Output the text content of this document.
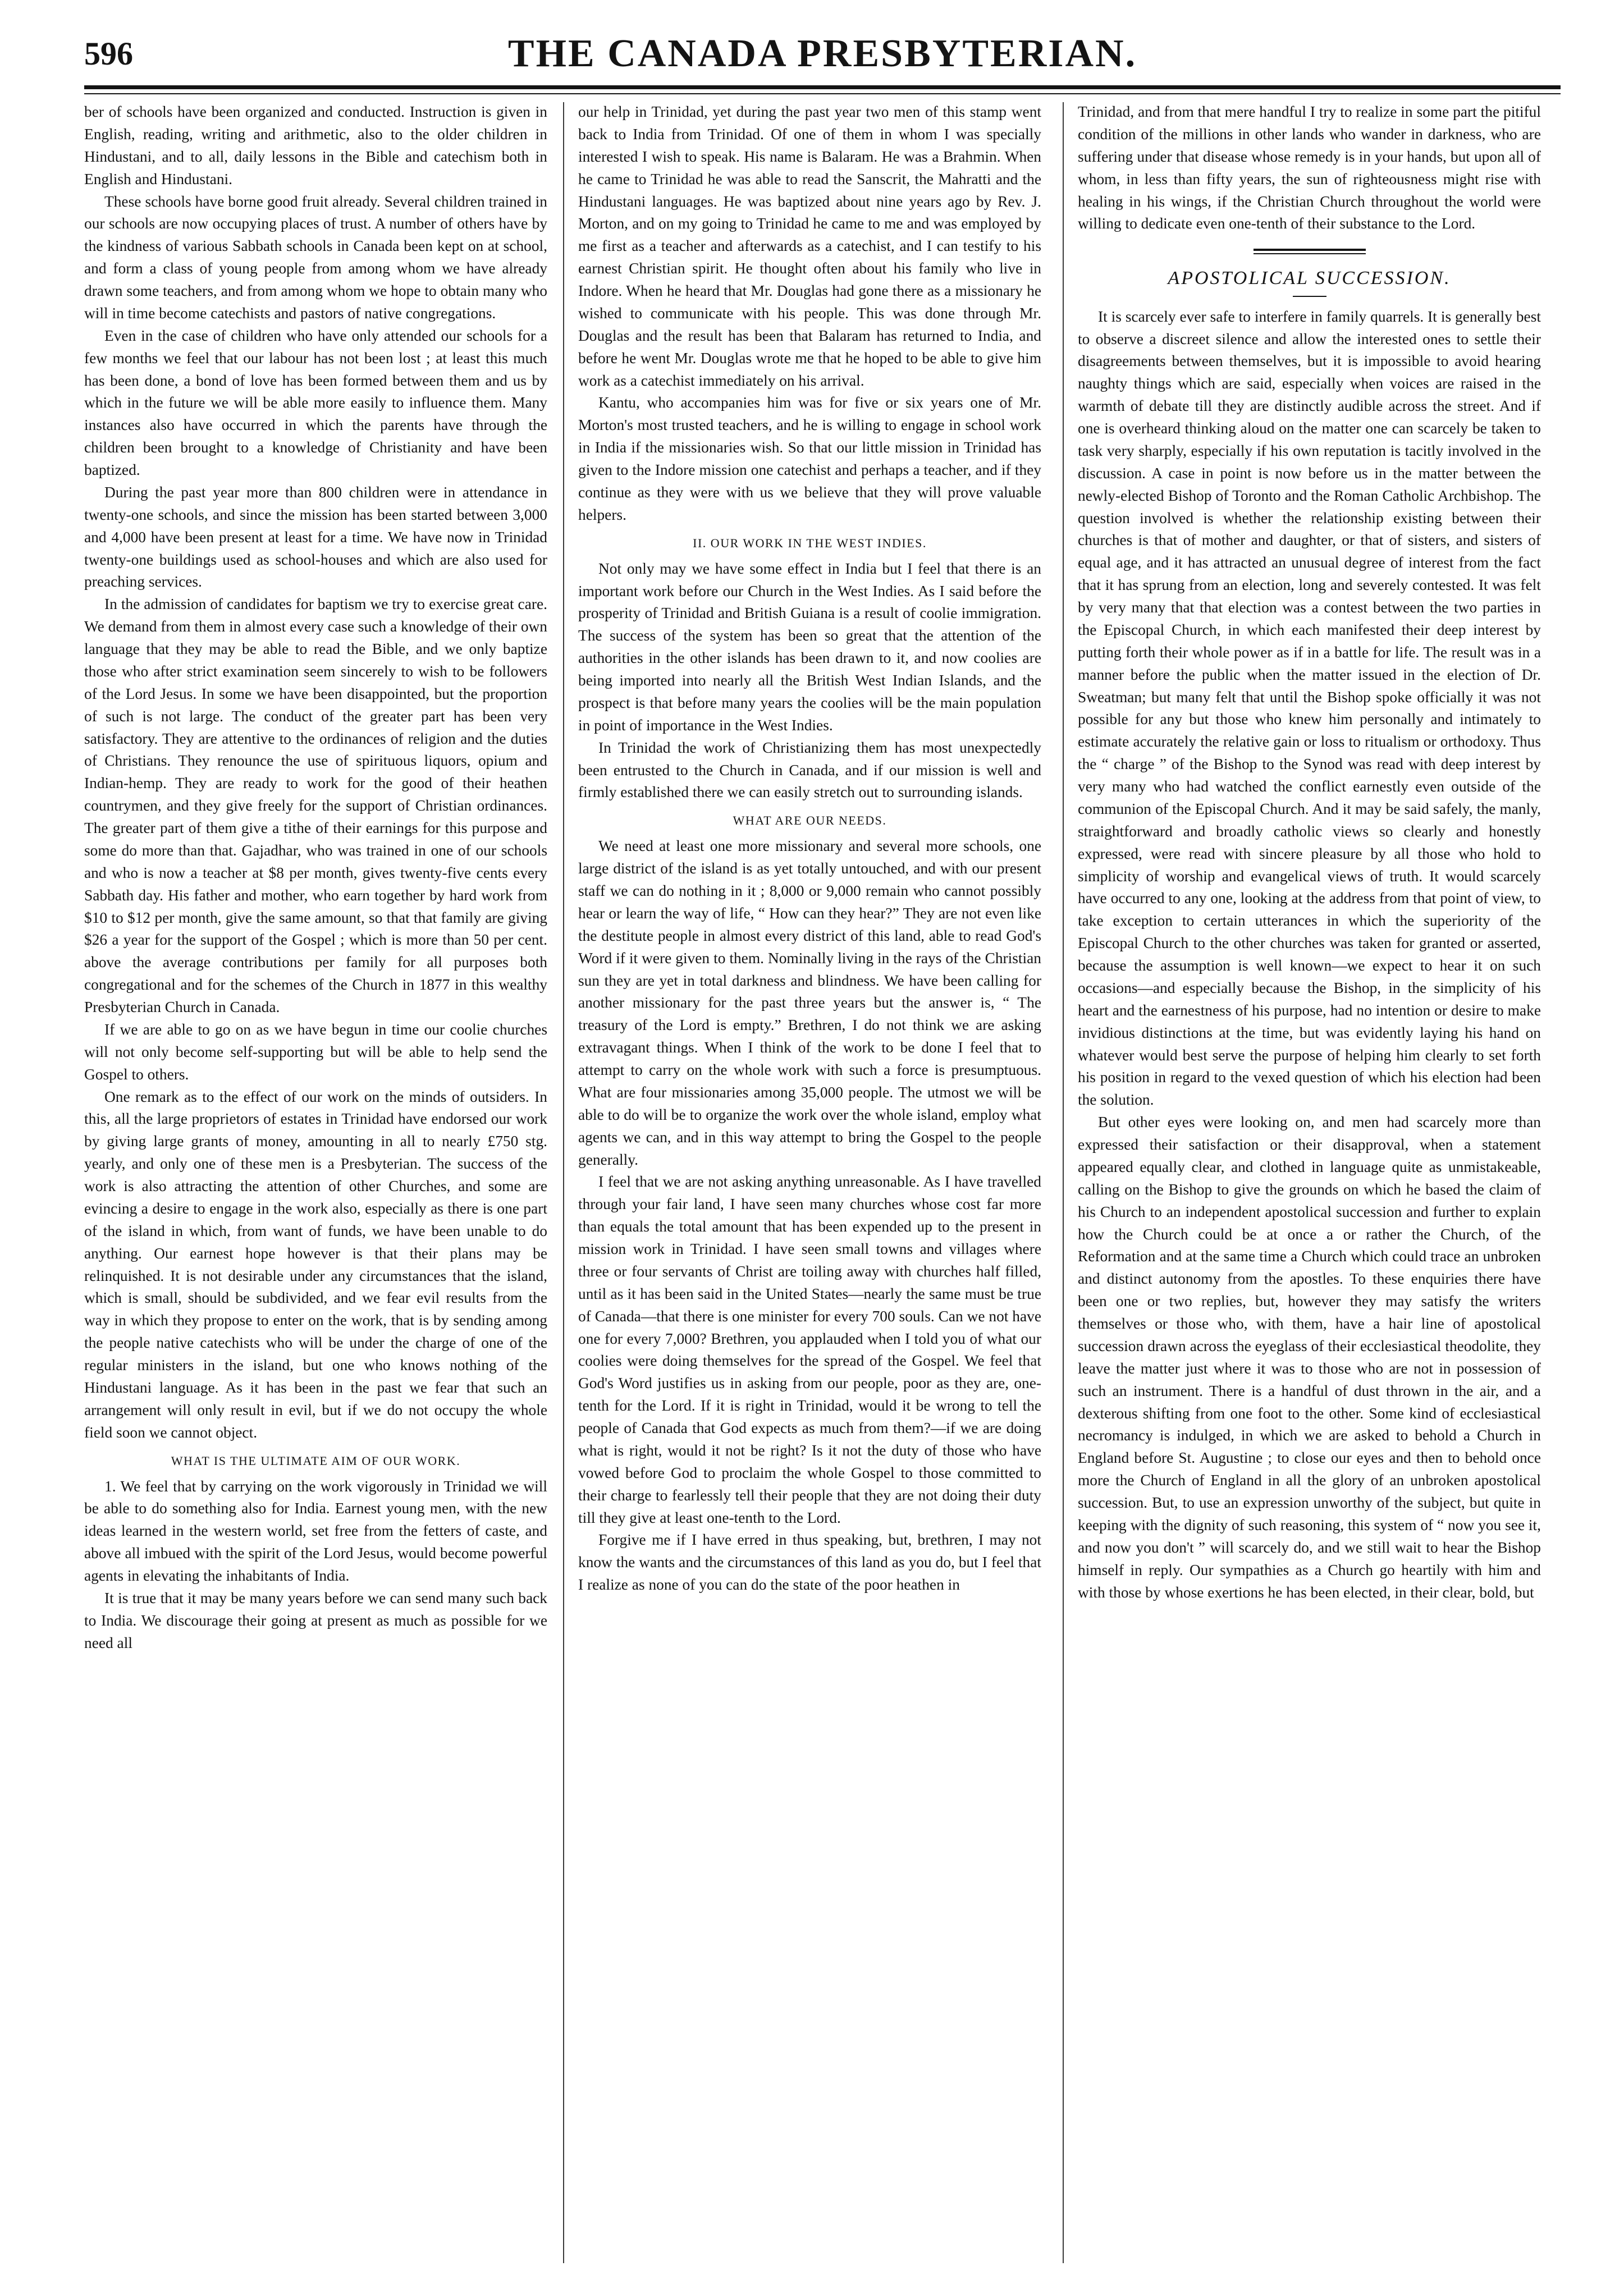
596	THE CANADA PRESBYTERIAN.

ber of schools have been organized and conducted. Instruction is given in English, reading, writing and arithmetic, also to the older children in Hindustani, and to all, daily lessons in the Bible and catechism both in English and Hindustani.

These schools have borne good fruit already. Several children trained in our schools are now occupying places of trust. A number of others have by the kindness of various Sabbath schools in Canada been kept on at school, and form a class of young people from among whom we have already drawn some teachers, and from among whom we hope to obtain many who will in time become catechists and pastors of native congregations.

Even in the case of children who have only attended our schools for a few months we feel that our labour has not been lost ; at least this much has been done, a bond of love has been formed between them and us by which in the future we will be able more easily to influence them. Many instances also have occurred in which the parents have through the children been brought to a knowledge of Christianity and have been baptized.

During the past year more than 800 children were in attendance in twenty-one schools, and since the mission has been started between 3,000 and 4,000 have been present at least for a time. We have now in Trinidad twenty-one buildings used as school-houses and which are also used for preaching services.

In the admission of candidates for baptism we try to exercise great care. We demand from them in almost every case such a knowledge of their own language that they may be able to read the Bible, and we only baptize those who after strict examination seem sincerely to wish to be followers of the Lord Jesus. In some we have been disappointed, but the proportion of such is not large. The conduct of the greater part has been very satisfactory. They are attentive to the ordinances of religion and the duties of Christians. They renounce the use of spirituous liquors, opium and Indian-hemp. They are ready to work for the good of their heathen countrymen, and they give freely for the support of Christian ordinances. The greater part of them give a tithe of their earnings for this purpose and some do more than that. Gajadhar, who was trained in one of our schools and who is now a teacher at $8 per month, gives twenty-five cents every Sabbath day. His father and mother, who earn together by hard work from $10 to $12 per month, give the same amount, so that that family are giving $26 a year for the support of the Gospel ; which is more than 50 per cent. above the average contributions per family for all purposes both congregational and for the schemes of the Church in 1877 in this wealthy Presbyterian Church in Canada.

If we are able to go on as we have begun in time our coolie churches will not only become self-supporting but will be able to help send the Gospel to others.

One remark as to the effect of our work on the minds of outsiders. In this, all the large proprietors of estates in Trinidad have endorsed our work by giving large grants of money, amounting in all to nearly £750 stg. yearly, and only one of these men is a Presbyterian. The success of the work is also attracting the attention of other Churches, and some are evincing a desire to engage in the work also, especially as there is one part of the island in which, from want of funds, we have been unable to do anything. Our earnest hope however is that their plans may be relinquished. It is not desirable under any circumstances that the island, which is small, should be subdivided, and we fear evil results from the way in which they propose to enter on the work, that is by sending among the people native catechists who will be under the charge of one of the regular ministers in the island, but one who knows nothing of the Hindustani language. As it has been in the past we fear that such an arrangement will only result in evil, but if we do not occupy the whole field soon we cannot object.

WHAT IS THE ULTIMATE AIM OF OUR WORK.

1. We feel that by carrying on the work vigorously in Trinidad we will be able to do something also for India. Earnest young men, with the new ideas learned in the western world, set free from the fetters of caste, and above all imbued with the spirit of the Lord Jesus, would become powerful agents in elevating the inhabitants of India.

It is true that it may be many years before we can send many such back to India. We discourage their going at present as much as possible for we need all

our help in Trinidad, yet during the past year two men of this stamp went back to India from Trinidad. Of one of them in whom I was specially interested I wish to speak. His name is Balaram. He was a Brahmin. When he came to Trinidad he was able to read the Sanscrit, the Mahratti and the Hindustani languages. He was baptized about nine years ago by Rev. J. Morton, and on my going to Trinidad he came to me and was employed by me first as a teacher and afterwards as a catechist, and I can testify to his earnest Christian spirit. He thought often about his family who live in Indore. When he heard that Mr. Douglas had gone there as a missionary he wished to communicate with his people. This was done through Mr. Douglas and the result has been that Balaram has returned to India, and before he went Mr. Douglas wrote me that he hoped to be able to give him work as a catechist immediately on his arrival.

Kantu, who accompanies him was for five or six years one of Mr. Morton's most trusted teachers, and he is willing to engage in school work in India if the missionaries wish. So that our little mission in Trinidad has given to the Indore mission one catechist and perhaps a teacher, and if they continue as they were with us we believe that they will prove valuable helpers.

II. OUR WORK IN THE WEST INDIES.

Not only may we have some effect in India but I feel that there is an important work before our Church in the West Indies. As I said before the prosperity of Trinidad and British Guiana is a result of coolie immigration. The success of the system has been so great that the attention of the authorities in the other islands has been drawn to it, and now coolies are being imported into nearly all the British West Indian Islands, and the prospect is that before many years the coolies will be the main population in point of importance in the West Indies.

In Trinidad the work of Christianizing them has most unexpectedly been entrusted to the Church in Canada, and if our mission is well and firmly established there we can easily stretch out to surrounding islands.

WHAT ARE OUR NEEDS.

We need at least one more missionary and several more schools, one large district of the island is as yet totally untouched, and with our present staff we can do nothing in it ; 8,000 or 9,000 remain who cannot possibly hear or learn the way of life, “ How can they hear?” They are not even like the destitute people in almost every district of this land, able to read God's Word if it were given to them. Nominally living in the rays of the Christian sun they are yet in total darkness and blindness. We have been calling for another missionary for the past three years but the answer is, “ The treasury of the Lord is empty.” Brethren, I do not think we are asking extravagant things. When I think of the work to be done I feel that to attempt to carry on the whole work with such a force is presumptuous. What are four missionaries among 35,000 people. The utmost we will be able to do will be to organize the work over the whole island, employ what agents we can, and in this way attempt to bring the Gospel to the people generally.

I feel that we are not asking anything unreasonable. As I have travelled through your fair land, I have seen many churches whose cost far more than equals the total amount that has been expended up to the present in mission work in Trinidad. I have seen small towns and villages where three or four servants of Christ are toiling away with churches half filled, until as it has been said in the United States—nearly the same must be true of Canada—that there is one minister for every 700 souls. Can we not have one for every 7,000? Brethren, you applauded when I told you of what our coolies were doing themselves for the spread of the Gospel. We feel that God's Word justifies us in asking from our people, poor as they are, one-tenth for the Lord. If it is right in Trinidad, would it be wrong to tell the people of Canada that God expects as much from them?—if we are doing what is right, would it not be right? Is it not the duty of those who have vowed before God to proclaim the whole Gospel to those committed to their charge to fearlessly tell their people that they are not doing their duty till they give at least one-tenth to the Lord.

Forgive me if I have erred in thus speaking, but, brethren, I may not know the wants and the circumstances of this land as you do, but I feel that I realize as none of you can do the state of the poor heathen in

Trinidad, and from that mere handful I try to realize in some part the pitiful condition of the millions in other lands who wander in darkness, who are suffering under that disease whose remedy is in your hands, but upon all of whom, in less than fifty years, the sun of righteousness might rise with healing in his wings, if the Christian Church throughout the world were willing to dedicate even one-tenth of their substance to the Lord.

APOSTOLICAL SUCCESSION.

It is scarcely ever safe to interfere in family quarrels. It is generally best to observe a discreet silence and allow the interested ones to settle their disagreements between themselves, but it is impossible to avoid hearing naughty things which are said, especially when voices are raised in the warmth of debate till they are distinctly audible across the street. And if one is overheard thinking aloud on the matter one can scarcely be taken to task very sharply, especially if his own reputation is tacitly involved in the discussion. A case in point is now before us in the matter between the newly-elected Bishop of Toronto and the Roman Catholic Archbishop. The question involved is whether the relationship existing between their churches is that of mother and daughter, or that of sisters, and sisters of equal age, and it has attracted an unusual degree of interest from the fact that it has sprung from an election, long and severely contested. It was felt by very many that that election was a contest between the two parties in the Episcopal Church, in which each manifested their deep interest by putting forth their whole power as if in a battle for life. The result was in a manner before the public when the matter issued in the election of Dr. Sweatman; but many felt that until the Bishop spoke officially it was not possible for any but those who knew him personally and intimately to estimate accurately the relative gain or loss to ritualism or orthodoxy. Thus the “ charge ” of the Bishop to the Synod was read with deep interest by very many who had watched the conflict earnestly even outside of the communion of the Episcopal Church. And it may be said safely, the manly, straightforward and broadly catholic views so clearly and honestly expressed, were read with sincere pleasure by all those who hold to simplicity of worship and evangelical views of truth. It would scarcely have occurred to any one, looking at the address from that point of view, to take exception to certain utterances in which the superiority of the Episcopal Church to the other churches was taken for granted or asserted, because the assumption is well known—we expect to hear it on such occasions—and especially because the Bishop, in the simplicity of his heart and the earnestness of his purpose, had no intention or desire to make invidious distinctions at the time, but was evidently laying his hand on whatever would best serve the purpose of helping him clearly to set forth his position in regard to the vexed question of which his election had been the solution.

But other eyes were looking on, and men had scarcely more than expressed their satisfaction or their disapproval, when a statement appeared equally clear, and clothed in language quite as unmistakeable, calling on the Bishop to give the grounds on which he based the claim of his Church to an independent apostolical succession and further to explain how the Church could be at once a or rather the Church, of the Reformation and at the same time a Church which could trace an unbroken and distinct autonomy from the apostles. To these enquiries there have been one or two replies, but, however they may satisfy the writers themselves or those who, with them, have a hair line of apostolical succession drawn across the eyeglass of their ecclesiastical theodolite, they leave the matter just where it was to those who are not in possession of such an instrument. There is a handful of dust thrown in the air, and a dexterous shifting from one foot to the other. Some kind of ecclesiastical necromancy is indulged, in which we are asked to behold a Church in England before St. Augustine ; to close our eyes and then to behold once more the Church of England in all the glory of an unbroken apostolical succession. But, to use an expression unworthy of the subject, but quite in keeping with the dignity of such reasoning, this system of “ now you see it, and now you don't ” will scarcely do, and we still wait to hear the Bishop himself in reply. Our sympathies as a Church go heartily with him and with those by whose exertions he has been elected, in their clear, bold, but
